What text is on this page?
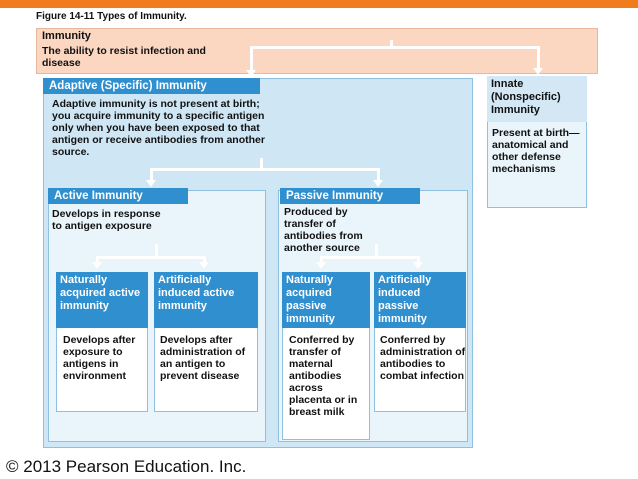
Figure 14-11 Types of Immunity.
Immunity
The ability to resist infection and disease
Adaptive (Specific) Immunity
Adaptive immunity is not present at birth; you acquire immunity to a specific antigen only when you have been exposed to that antigen or receive antibodies from another source.
Innate (Nonspecific) Immunity
Present at birth—anatomical and other defense mechanisms
Active Immunity
Develops in response to antigen exposure
Naturally acquired active immunity
Develops after exposure to antigens in environment
Artificially induced active immunity
Develops after administration of an antigen to prevent disease
Passive Immunity
Produced by transfer of antibodies from another source
Naturally acquired passive immunity
Conferred by transfer of maternal antibodies across placenta or in breast milk
Artificially induced passive immunity
Conferred by administration of antibodies to combat infection
© 2013 Pearson Education. Inc.
